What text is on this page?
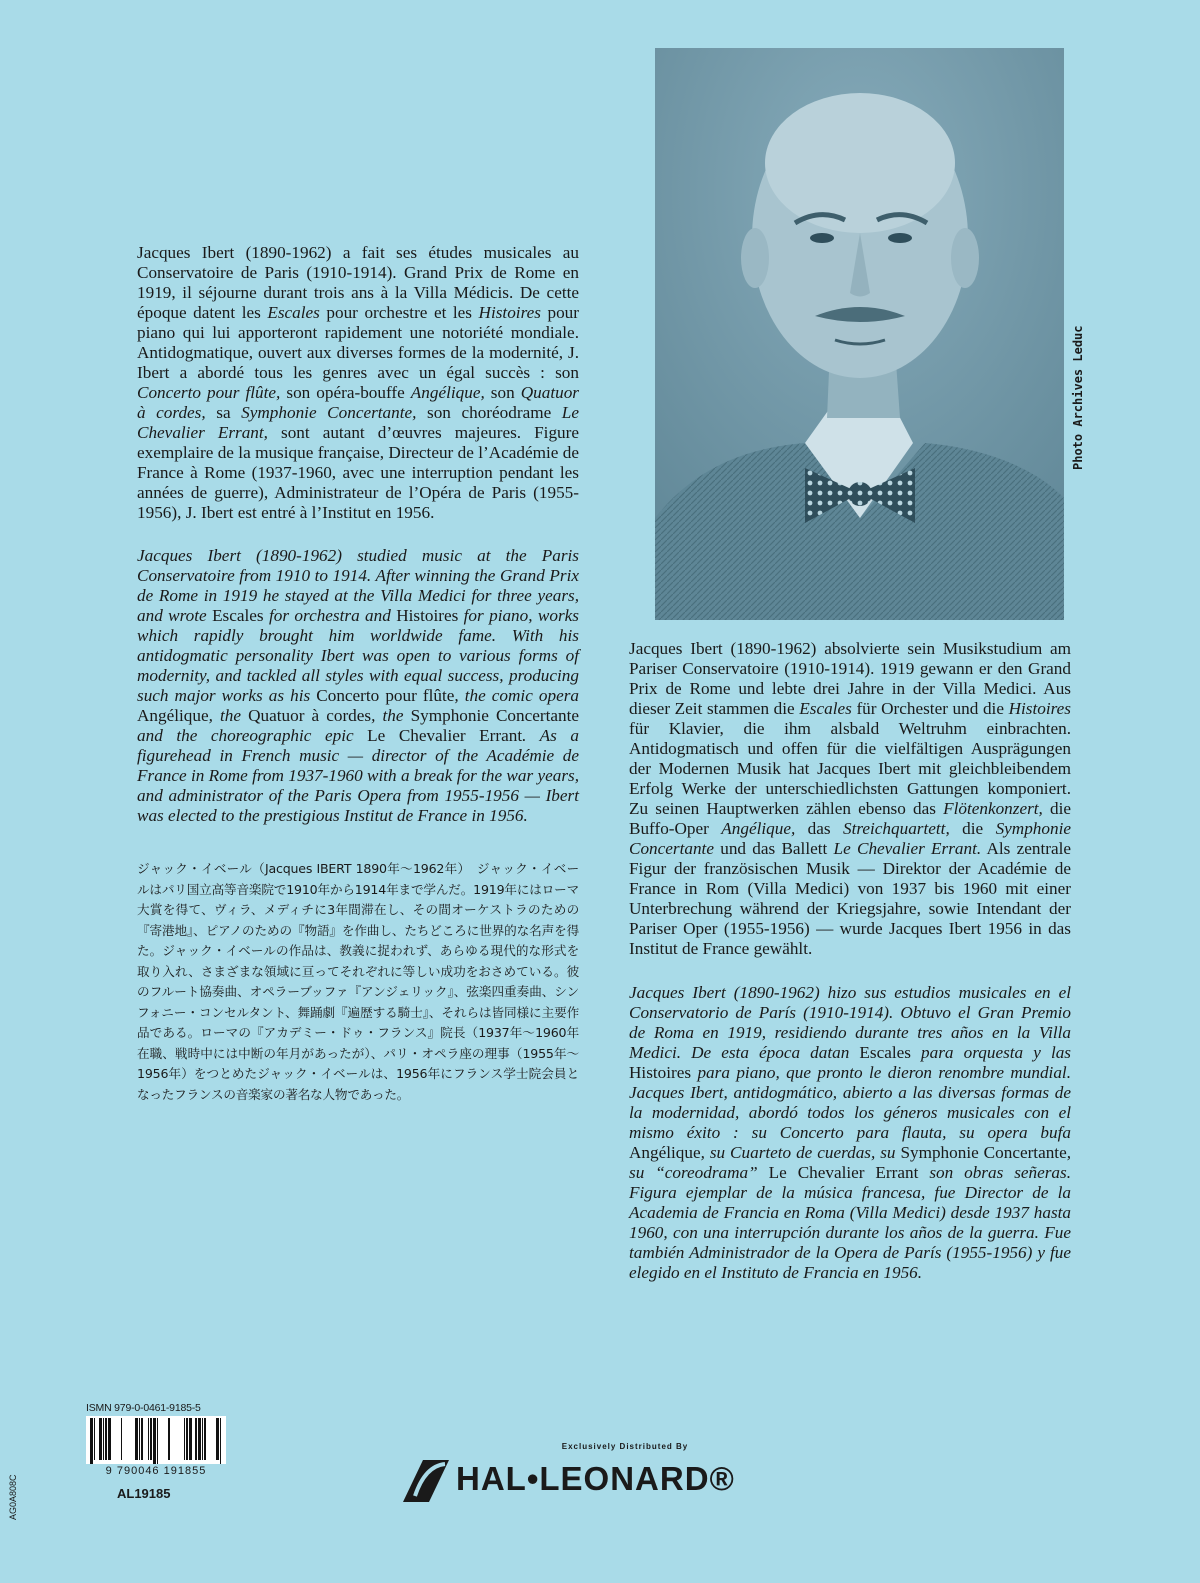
Jacques Ibert (1890-1962) a fait ses études musicales au Conservatoire de Paris (1910-1914). Grand Prix de Rome en 1919, il séjourne durant trois ans à la Villa Médicis. De cette époque datent les Escales pour orchestre et les Histoires pour piano qui lui apporteront rapidement une notoriété mondiale. Antidogmatique, ouvert aux diverses formes de la modernité, J. Ibert a abordé tous les genres avec un égal succès : son Concerto pour flûte, son opéra-bouffe Angélique, son Quatuor à cordes, sa Symphonie Concertante, son choréodrame Le Chevalier Errant, sont autant d’œuvres majeures. Figure exemplaire de la musique française, Directeur de l’Académie de France à Rome (1937-1960, avec une interruption pendant les années de guerre), Administrateur de l’Opéra de Paris (1955-1956), J. Ibert est entré à l’Institut en 1956.

Jacques Ibert (1890-1962) studied music at the Paris Conservatoire from 1910 to 1914. After winning the Grand Prix de Rome in 1919 he stayed at the Villa Medici for three years, and wrote Escales for orchestra and Histoires for piano, works which rapidly brought him worldwide fame. With his antidogmatic personality Ibert was open to various forms of modernity, and tackled all styles with equal success, producing such major works as his Concerto pour flûte, the comic opera Angélique, the Quatuor à cordes, the Symphonie Concertante and the choreographic epic Le Chevalier Errant. As a figurehead in French music — director of the Académie de France in Rome from 1937-1960 with a break for the war years, and administrator of the Paris Opera from 1955-1956 — Ibert was elected to the prestigious Institut de France in 1956.

ジャック・イベール（Jacques IBERT 1890年〜1962年）　ジャック・イベールはパリ国立高等音楽院で1910年から1914年まで学んだ。1919年にはローマ大賞を得て、ヴィラ、メディチに3年間滞在し、その間オーケストラのための『寄港地』、ピアノのための『物語』を作曲し、たちどころに世界的な名声を得た。ジャック・イベールの作品は、教義に捉われず、あらゆる現代的な形式を取り入れ、さまざまな領域に亘ってそれぞれに等しい成功をおさめている。彼のフルート協奏曲、オペラーブッファ『アンジェリック』、弦楽四重奏曲、シンフォニー・コンセルタント、舞踊劇『遍歴する騎士』、それらは皆同様に主要作品である。ローマの『アカデミー・ドゥ・フランス』院長（1937年〜1960年在職、戦時中には中断の年月があったが）、パリ・オペラ座の理事（1955年〜1956年）をつとめたジャック・イベールは、1956年にフランス学士院会員となったフランスの音楽家の著名な人物であった。

Photo Archives Leduc

Jacques Ibert (1890-1962) absolvierte sein Musikstudium am Pariser Conservatoire (1910-1914). 1919 gewann er den Grand Prix de Rome und lebte drei Jahre in der Villa Medici. Aus dieser Zeit stammen die Escales für Orchester und die Histoires für Klavier, die ihm alsbald Weltruhm einbrachten. Antidogmatisch und offen für die vielfältigen Ausprägungen der Modernen Musik hat Jacques Ibert mit gleichbleibendem Erfolg Werke der unterschiedlichsten Gattungen komponiert. Zu seinen Hauptwerken zählen ebenso das Flötenkonzert, die Buffo-Oper Angélique, das Streichquartett, die Symphonie Concertante und das Ballett Le Chevalier Errant. Als zentrale Figur der französischen Musik — Direktor der Académie de France in Rom (Villa Medici) von 1937 bis 1960 mit einer Unterbrechung während der Kriegsjahre, sowie Intendant der Pariser Oper (1955-1956) — wurde Jacques Ibert 1956 in das Institut de France gewählt.

Jacques Ibert (1890-1962) hizo sus estudios musicales en el Conservatorio de París (1910-1914). Obtuvo el Gran Premio de Roma en 1919, residiendo durante tres años en la Villa Medici. De esta época datan Escales para orquesta y las Histoires para piano, que pronto le dieron renombre mundial. Jacques Ibert, antidogmático, abierto a las diversas formas de la modernidad, abordó todos los géneros musicales con el mismo éxito : su Concerto para flauta, su opera bufa Angélique, su Cuarteto de cuerdas, su Symphonie Concertante, su “coreodrama” Le Chevalier Errant son obras señeras. Figura ejemplar de la música francesa, fue Director de la Academia de Francia en Roma (Villa Medici) desde 1937 hasta 1960, con una interrupción durante los años de la guerra. Fue también Administrador de la Opera de París (1955-1956) y fue elegido en el Instituto de Francia en 1956.

ISMN 979-0-0461-9185-5
9 790046 191855
AL19185
AG0A808C
Exclusively Distributed By
HAL•LEONARD®
